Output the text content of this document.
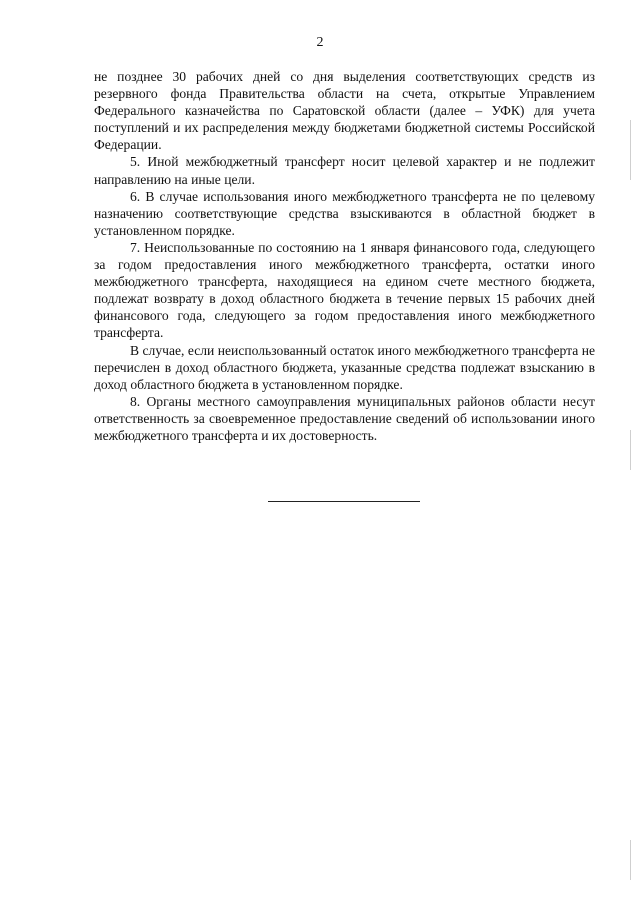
2

не позднее 30 рабочих дней со дня выделения соответствующих средств из резервного фонда Правительства области на счета, открытые Управлением Федерального казначейства по Саратовской области (далее – УФК) для учета поступлений и их распределения между бюджетами бюджетной системы Российской Федерации.

5. Иной межбюджетный трансферт носит целевой характер и не подлежит направлению на иные цели.

6. В случае использования иного межбюджетного трансферта не по целевому назначению соответствующие средства взыскиваются в областной бюджет в установленном порядке.

7. Неиспользованные по состоянию на 1 января финансового года, следующего за годом предоставления иного межбюджетного трансферта, остатки иного межбюджетного трансферта, находящиеся на едином счете местного бюджета, подлежат возврату в доход областного бюджета в течение первых 15 рабочих дней финансового года, следующего за годом предоставления иного межбюджетного трансферта.

В случае, если неиспользованный остаток иного межбюджетного трансферта не перечислен в доход областного бюджета, указанные средства подлежат взысканию в доход областного бюджета в установленном порядке.

8. Органы местного самоуправления муниципальных районов области несут ответственность за своевременное предоставление сведений об использовании иного межбюджетного трансферта и их достоверность.
